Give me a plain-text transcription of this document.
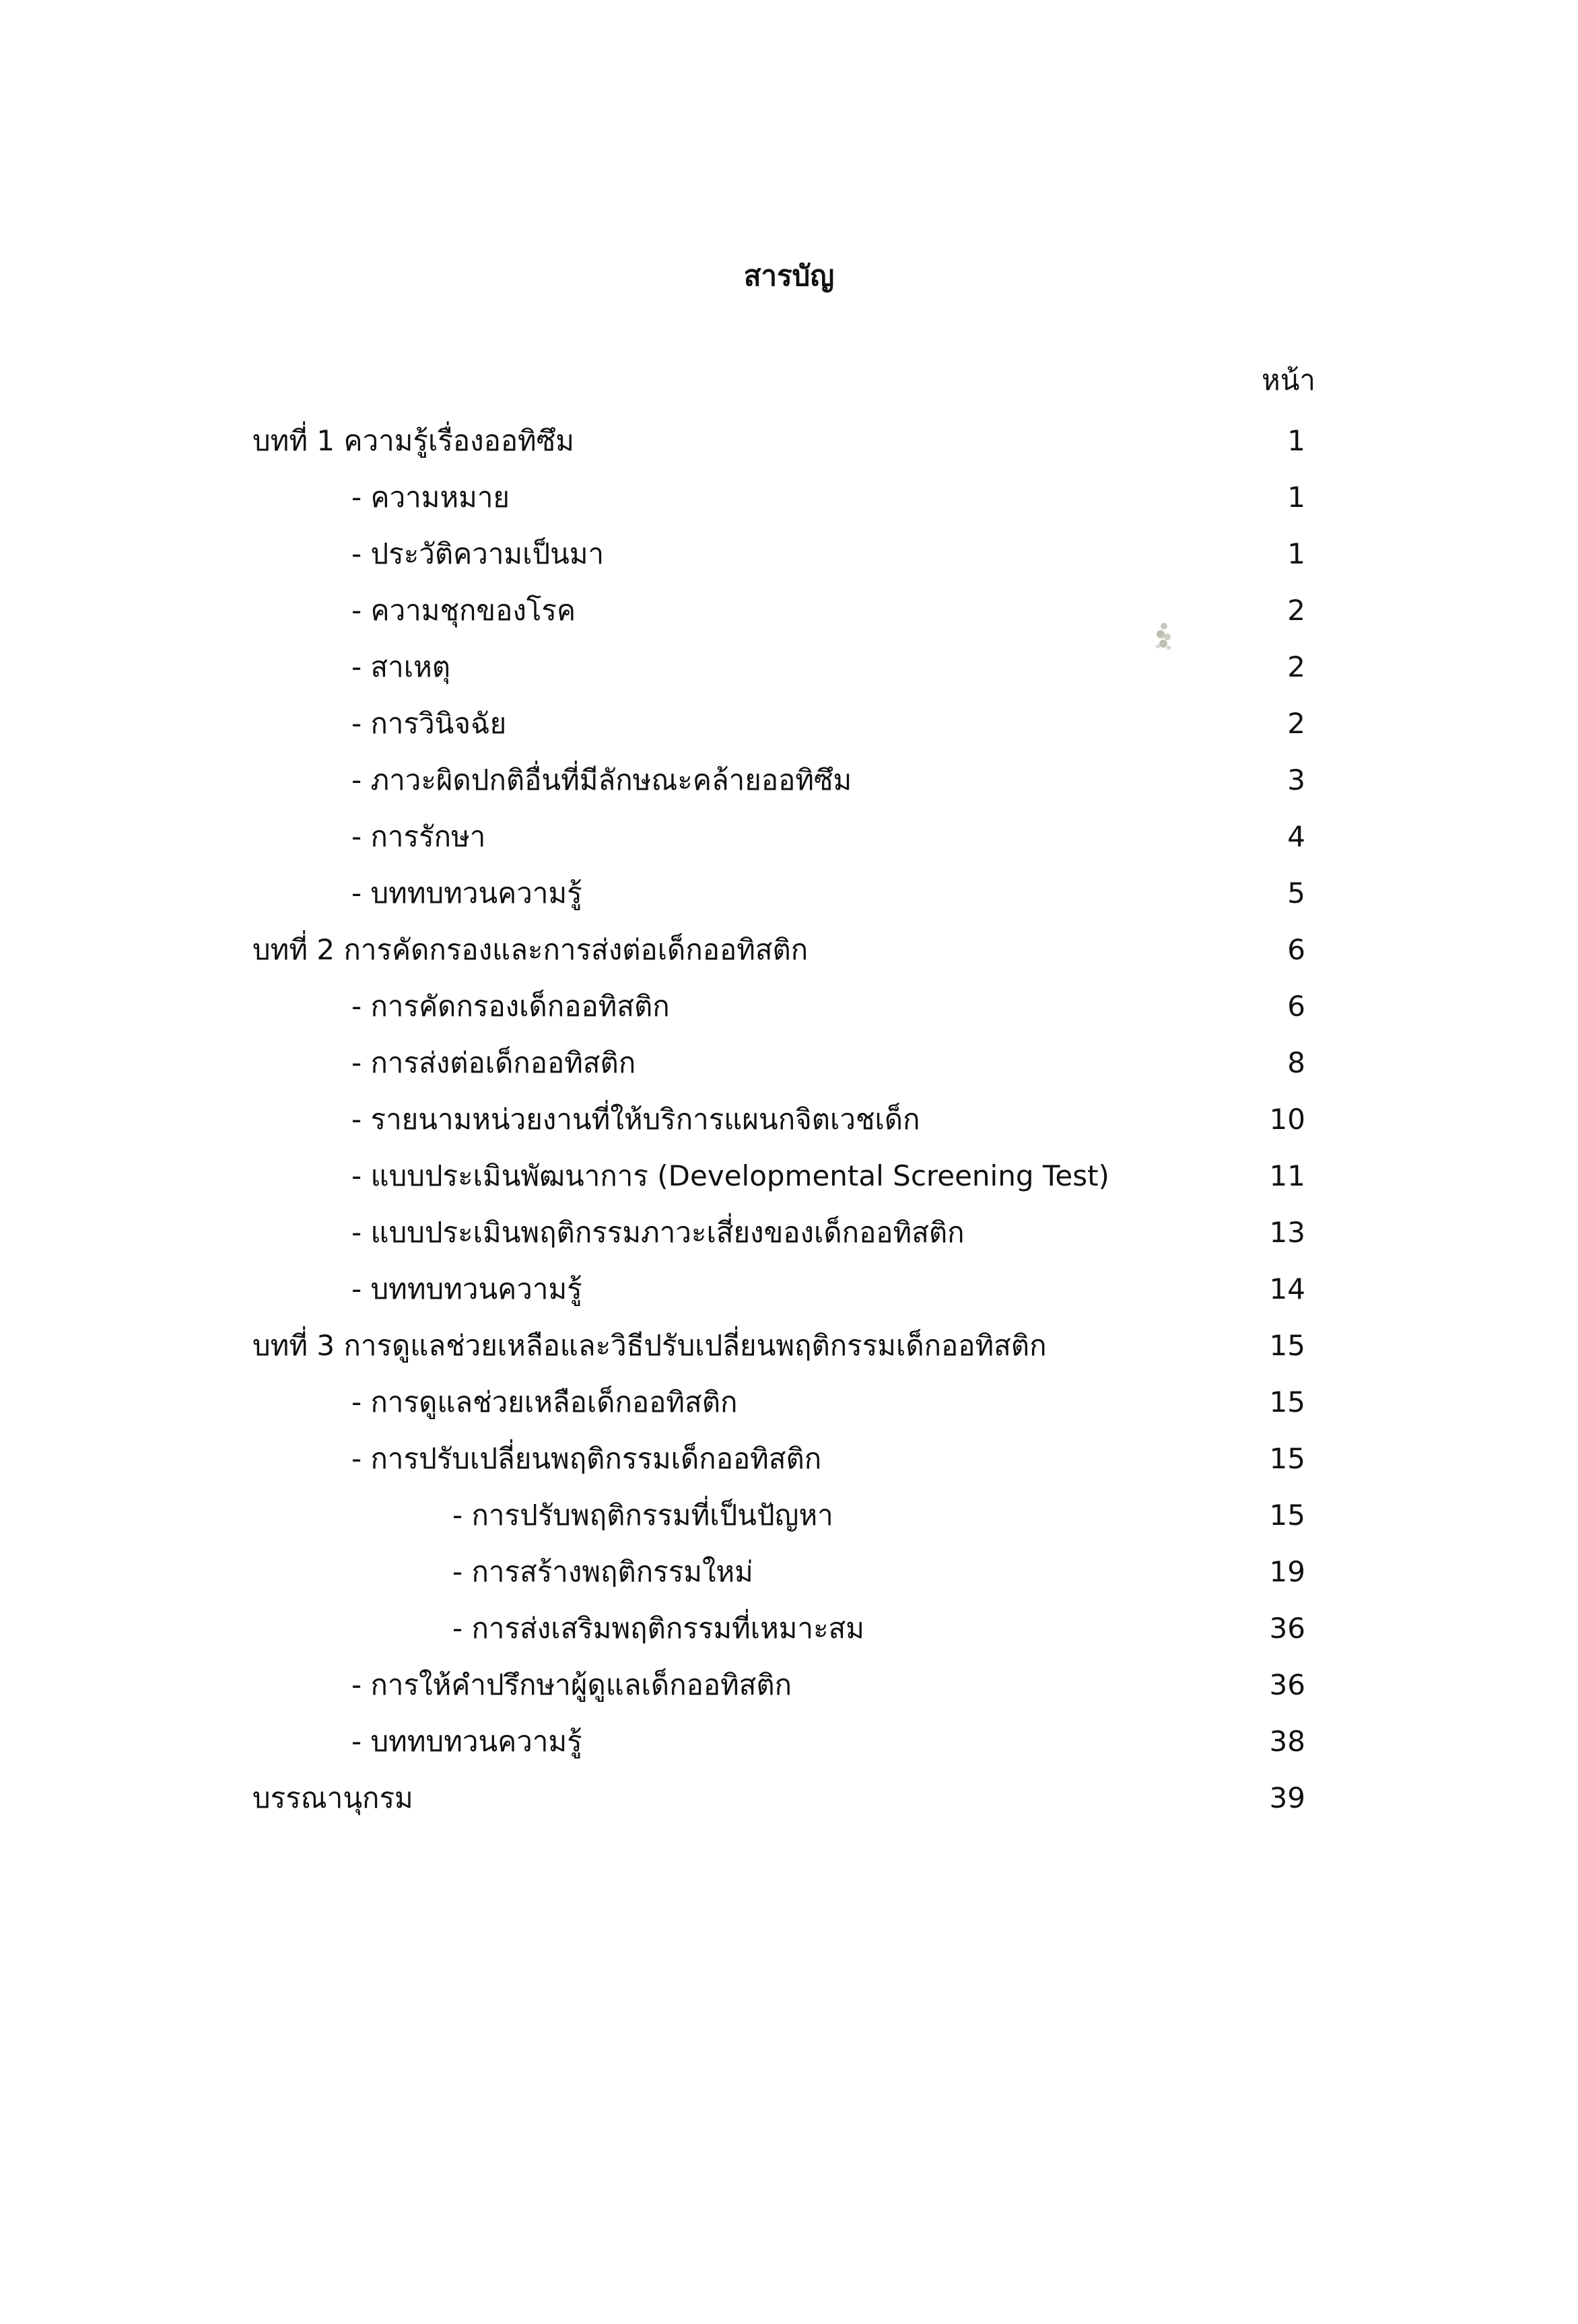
สารบัญ
หน้า
บทที่ 1 ความรู้เรื่องออทิซึม	1
- ความหมาย	1
- ประวัติความเป็นมา	1
- ความชุกของโรค	2
- สาเหตุ	2
- การวินิจฉัย	2
- ภาวะผิดปกติอื่นที่มีลักษณะคล้ายออทิซึม	3
- การรักษา	4
- บททบทวนความรู้	5
บทที่ 2 การคัดกรองและการส่งต่อเด็กออทิสติก	6
- การคัดกรองเด็กออทิสติก	6
- การส่งต่อเด็กออทิสติก	8
- รายนามหน่วยงานที่ให้บริการแผนกจิตเวชเด็ก	10
- แบบประเมินพัฒนาการ (Developmental Screening Test)	11
- แบบประเมินพฤติกรรมภาวะเสี่ยงของเด็กออทิสติก	13
- บททบทวนความรู้	14
บทที่ 3 การดูแลช่วยเหลือและวิธีปรับเปลี่ยนพฤติกรรมเด็กออทิสติก	15
- การดูแลช่วยเหลือเด็กออทิสติก	15
- การปรับเปลี่ยนพฤติกรรมเด็กออทิสติก	15
- การปรับพฤติกรรมที่เป็นปัญหา	15
- การสร้างพฤติกรรมใหม่	19
- การส่งเสริมพฤติกรรมที่เหมาะสม	36
- การให้คำปรึกษาผู้ดูแลเด็กออทิสติก	36
- บททบทวนความรู้	38
บรรณานุกรม	39
